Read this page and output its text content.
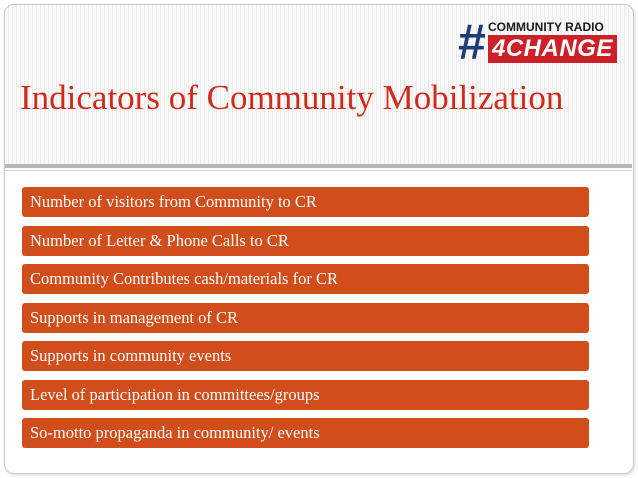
# COMMUNITY RADIO
4CHANGE
Indicators of Community Mobilization
Number of visitors from Community to CR
Number of Letter & Phone Calls to CR
Community Contributes cash/materials for CR
Supports in management of CR
Supports in community events
Level of participation in committees/groups
So-motto propaganda in community/ events
